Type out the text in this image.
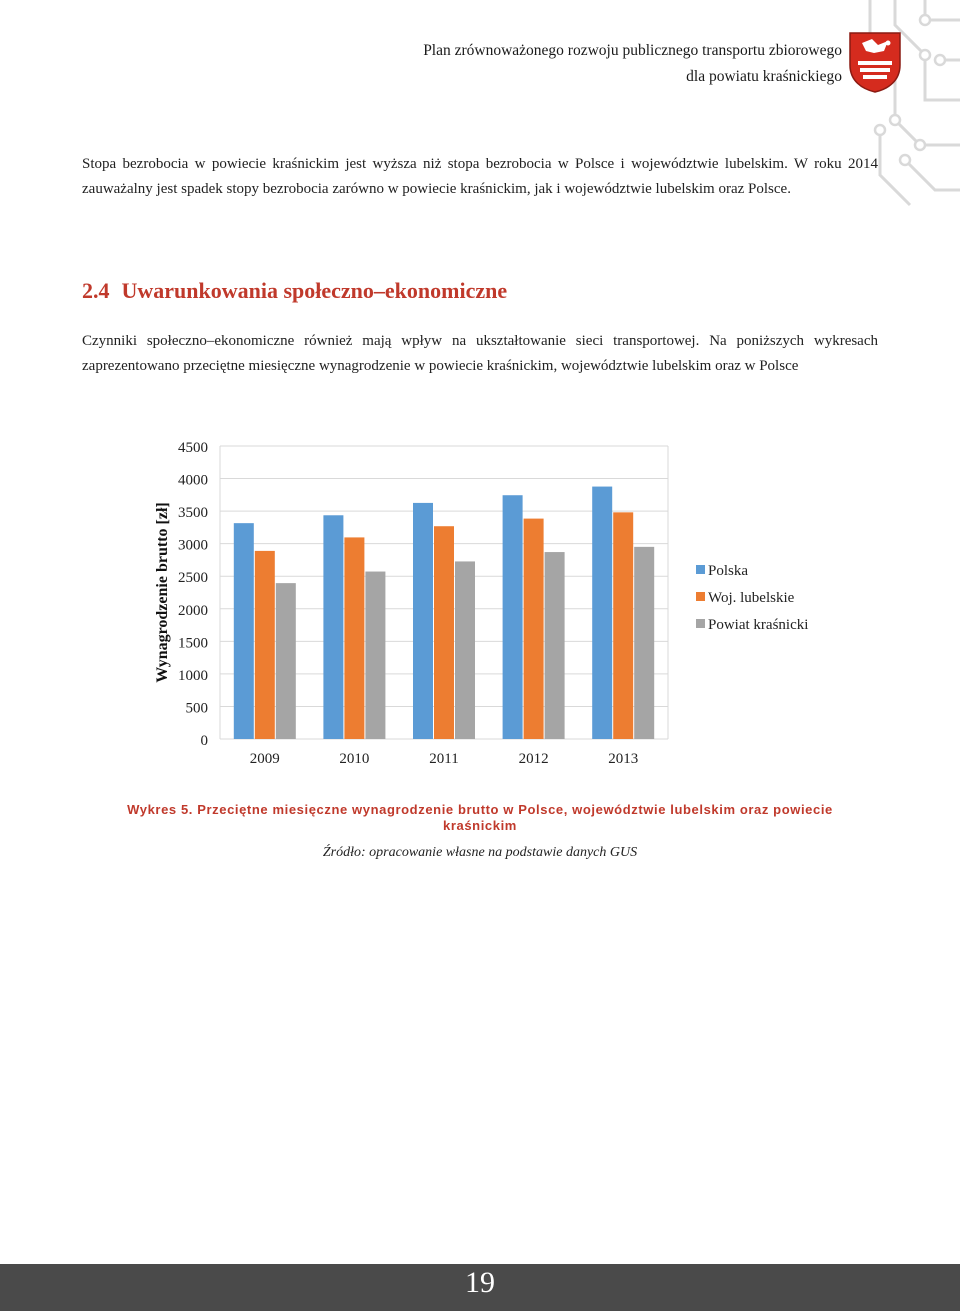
Plan zrównoważonego rozwoju publicznego transportu zbiorowego
dla powiatu kraśnickiego

Stopa bezrobocia w powiecie kraśnickim jest wyższa niż stopa bezrobocia w Polsce i województwie lubelskim. W roku 2014 zauważalny jest spadek stopy bezrobocia zarówno w powiecie kraśnickim, jak i województwie lubelskim oraz Polsce.

2.4 Uwarunkowania społeczno–ekonomiczne

Czynniki społeczno–ekonomiczne również mają wpływ na ukształtowanie sieci transportowej. Na poniższych wykresach zaprezentowano przeciętne miesięczne wynagrodzenie w powiecie kraśnickim, województwie lubelskim oraz w Polsce

0
500
1000
1500
2000
2500
3000
3500
4000
4500
2009	2010	2011	2012	2013
Wynagrodzenie brutto [zł]	Polska
Woj. lubelskie
Powiat kraśnicki
Wykres 5. Przeciętne miesięczne wynagrodzenie brutto w Polsce, województwie lubelskim oraz powiecie kraśnickim
Źródło: opracowanie własne na podstawie danych GUS
19
